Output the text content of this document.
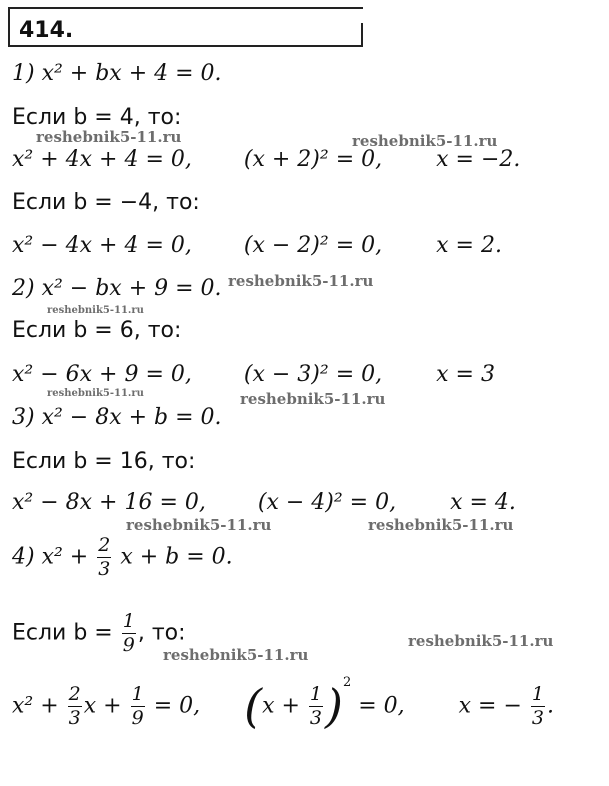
414.
1) x² + bx + 4 = 0.
Если b = 4, то:
x² + 4x + 4 = 0, (x + 2)² = 0, x = −2.
Если b = −4, то:
x² − 4x + 4 = 0, (x − 2)² = 0, x = 2.
2) x² − bx + 9 = 0.
Если b = 6, то:
x² − 6x + 9 = 0, (x − 3)² = 0, x = 3
3) x² − 8x + b = 0.
Если b = 16, то:
x² − 8x + 16 = 0, (x − 4)² = 0, x = 4.
4) $x^2 + \frac{2}{3}$ x + b = 0.
Если $b = \frac{1}{9}$ , то:
$x^2 + \frac{2}{3}$ $x + \frac{1}{9} = 0$, $(x + \frac{1}{3} )^2 = 0$, x = − $\frac{1}{3}$ .
reshebnik5-11.ru	reshebnik5-11.ru
reshebnik5-11.ru
reshebnik5-11.ru
reshebnik5-11.ru	reshebnik5-11.ru
reshebnik5-11.ru	reshebnik5-11.ru
reshebnik5-11.ru
reshebnik5-11.ru
